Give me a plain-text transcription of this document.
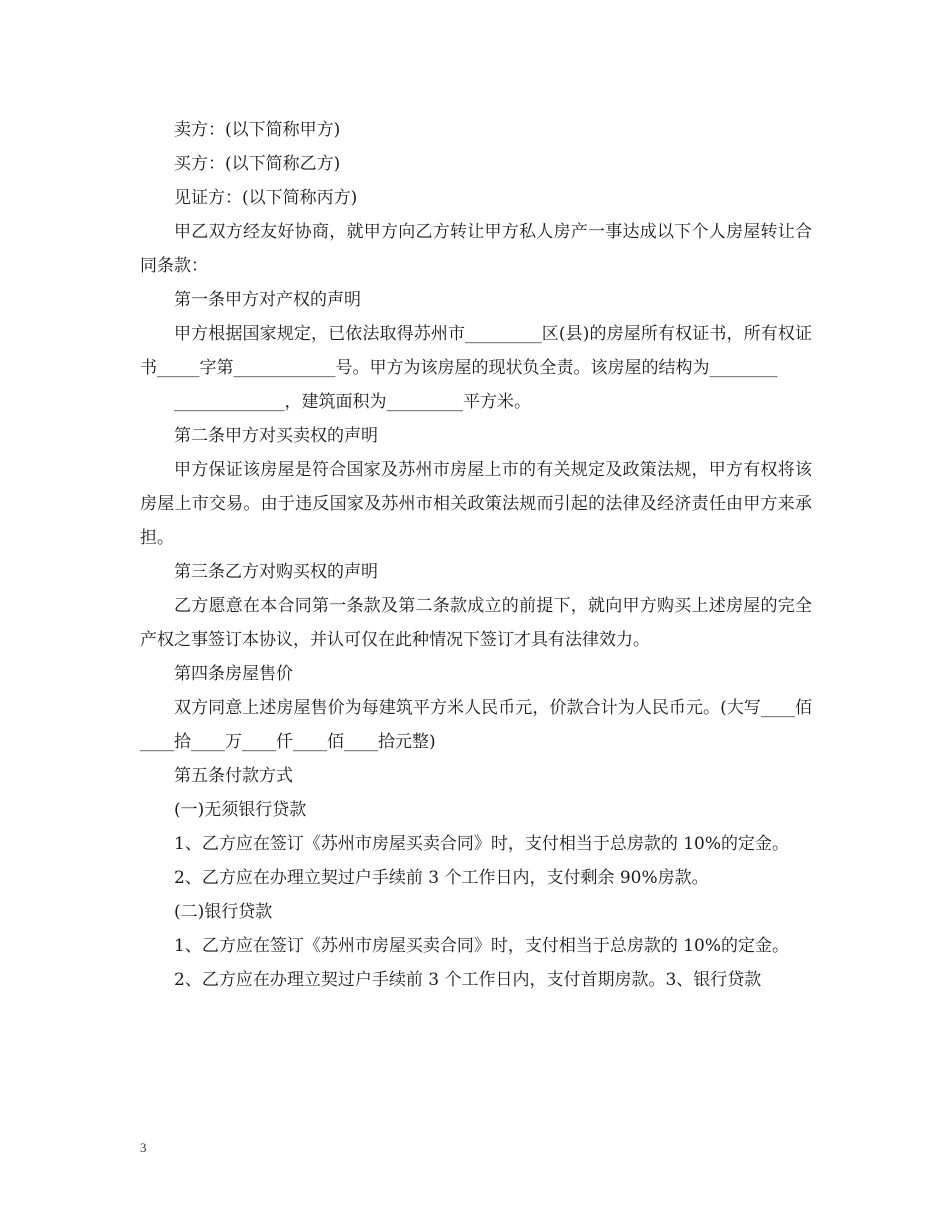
卖方：(以下简称甲方)

买方：(以下简称乙方)

见证方：(以下简称丙方)

甲乙双方经友好协商，就甲方向乙方转让甲方私人房产一事达成以下个人房屋转让合同条款：

第一条甲方对产权的声明

甲方根据国家规定，已依法取得苏州市_________区(县)的房屋所有权证书，所有权证书_____字第____________号。甲方为该房屋的现状负全责。该房屋的结构为________

_____________，建筑面积为_________平方米。

第二条甲方对买卖权的声明

甲方保证该房屋是符合国家及苏州市房屋上市的有关规定及政策法规，甲方有权将该房屋上市交易。由于违反国家及苏州市相关政策法规而引起的法律及经济责任由甲方来承担。

第三条乙方对购买权的声明

乙方愿意在本合同第一条款及第二条款成立的前提下，就向甲方购买上述房屋的完全产权之事签订本协议，并认可仅在此种情况下签订才具有法律效力。

第四条房屋售价

双方同意上述房屋售价为每建筑平方米人民币元，价款合计为人民币元。(大写____佰____拾____万____仟____佰____拾元整)

第五条付款方式

(一)无须银行贷款

1、乙方应在签订《苏州市房屋买卖合同》时，支付相当于总房款的 10%的定金。

2、乙方应在办理立契过户手续前 3 个工作日内，支付剩余 90%房款。

(二)银行贷款

1、乙方应在签订《苏州市房屋买卖合同》时，支付相当于总房款的 10%的定金。

2、乙方应在办理立契过户手续前 3 个工作日内，支付首期房款。3、银行贷款

3
